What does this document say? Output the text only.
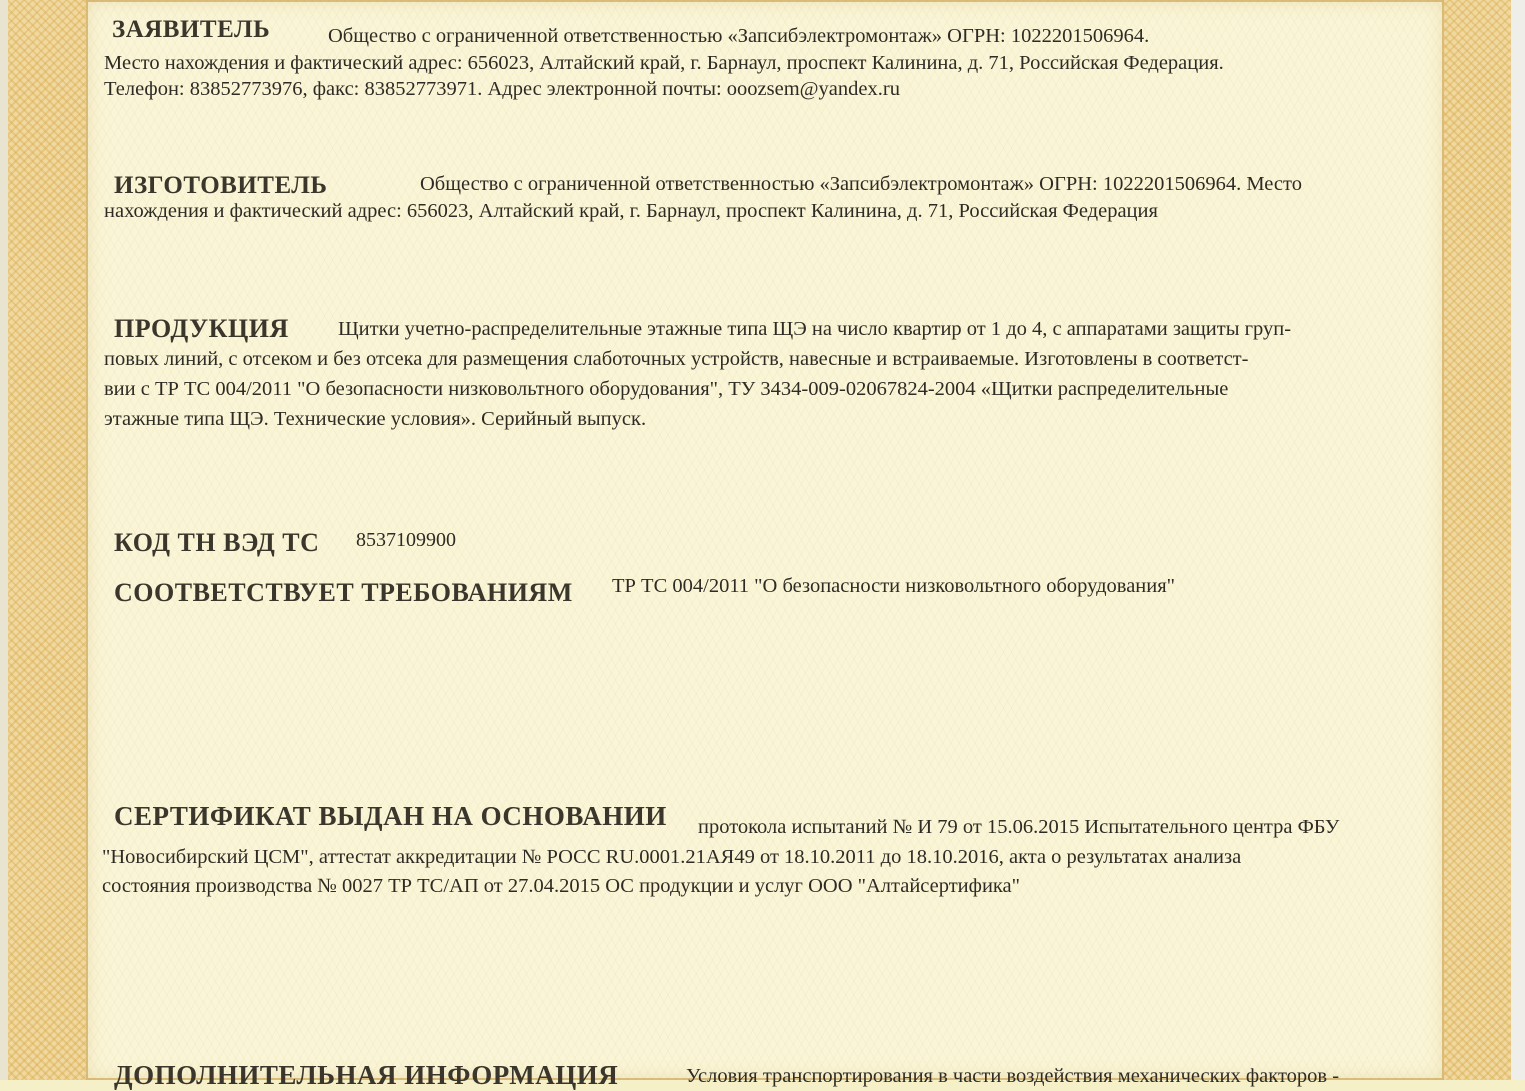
ЗАЯВИТЕЛЬ	Общество с ограниченной ответственностью «Запсибэлектромонтаж» ОГРН: 1022201506964.
Место нахождения и фактический адрес: 656023, Алтайский край, г. Барнаул, проспект Калинина, д. 71, Российская Федерация.
Телефон: 83852773976, факс: 83852773971. Адрес электронной почты: ooozsem@yandex.ru
ИЗГОТОВИТЕЛЬ	Общество с ограниченной ответственностью «Запсибэлектромонтаж» ОГРН: 1022201506964. Место
нахождения и фактический адрес: 656023, Алтайский край, г. Барнаул, проспект Калинина, д. 71, Российская Федерация
ПРОДУКЦИЯ Щитки учетно-распределительные этажные типа ЩЭ на число квартир от 1 до 4, с аппаратами защиты груп-
повых линий, с отсеком и без отсека для размещения слаботочных устройств, навесные и встраиваемые. Изготовлены в соответст-
вии с ТР ТС 004/2011 "О безопасности низковольтного оборудования", ТУ 3434-009-02067824-2004 «Щитки распределительные
этажные типа ЩЭ. Технические условия». Серийный выпуск.
КОД ТН ВЭД ТС 8537109900
СООТВЕТСТВУЕТ ТРЕБОВАНИЯМ ТР ТС 004/2011 "О безопасности низковольтного оборудования"
СЕРТИФИКАТ ВЫДАН НА ОСНОВАНИИ протокола испытаний № И 79 от 15.06.2015 Испытательного центра ФБУ
"Новосибирский ЦСМ", аттестат аккредитации № РОСС RU.0001.21АЯ49 от 18.10.2011 до 18.10.2016, акта о результатах анализа
состояния производства № 0027 ТР ТС/АП от 27.04.2015 ОС продукции и услуг ООО "Алтайсертифика"
ДОПОЛНИТЕЛЬНАЯ ИНФОРМАЦИЯ	Условия транспортирования в части воздействия механических факторов -
